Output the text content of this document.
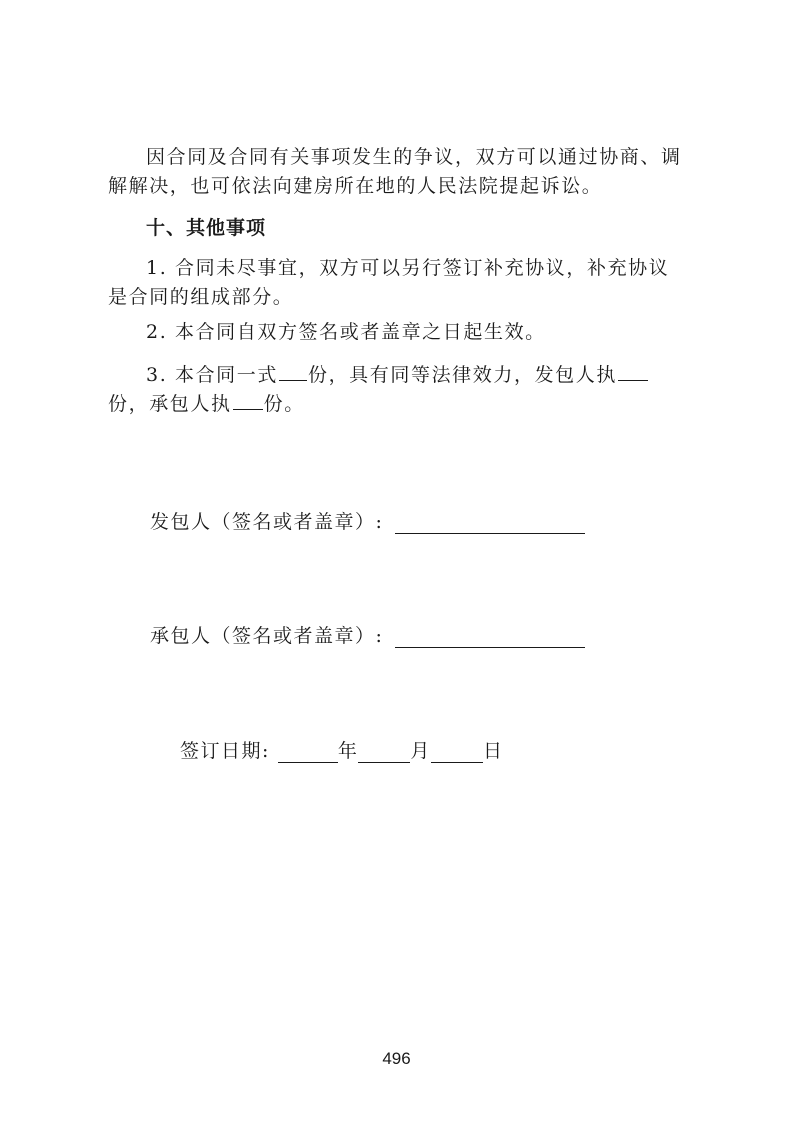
因合同及合同有关事项发生的争议，双方可以通过协商、调解解决，也可依法向建房所在地的人民法院提起诉讼。

十、其他事项

1. 合同未尽事宜，双方可以另行签订补充协议，补充协议是合同的组成部分。

2. 本合同自双方签名或者盖章之日起生效。

3. 本合同一式 份，具有同等法律效力，发包人执份，承包人执 份。

发包人（签名或者盖章）:
承包人（签名或者盖章）:
签订日期:	年	月	日
496
